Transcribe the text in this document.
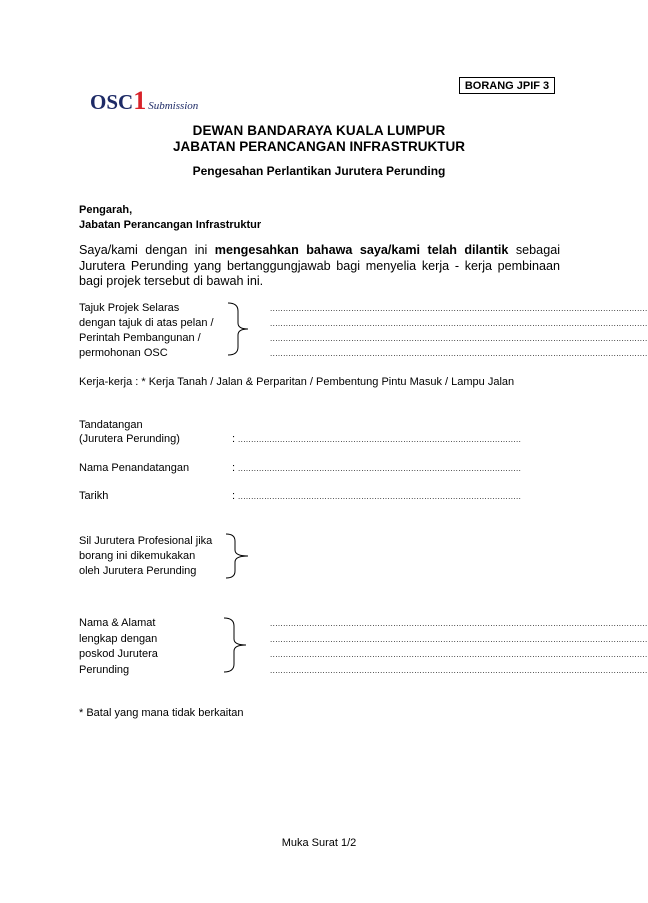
BORANG JPIF 3
OSC1 Submission
DEWAN BANDARAYA KUALA LUMPUR
JABATAN PERANCANGAN INFRASTRUKTUR
Pengesahan Perlantikan Jurutera Perunding
Pengarah,
Jabatan Perancangan Infrastruktur
Saya/kami dengan ini mengesahkan bahawa saya/kami telah dilantik sebagai Jurutera Perunding yang bertanggungjawab bagi menyelia kerja - kerja pembinaan bagi projek tersebut di bawah ini.
Tajuk Projek Selaras
dengan tajuk di atas pelan /
Perintah Pembangunan /
permohonan OSC
................................................................................................................................................
................................................................................................................................................
................................................................................................................................................
................................................................................................................................................
Kerja-kerja : * Kerja Tanah / Jalan & Perparitan / Pembentung Pintu Masuk / Lampu Jalan
Tandatangan
(Jurutera Perunding)	: ............................................................................................................
Nama Penandatangan	: ............................................................................................................
Tarikh	: ............................................................................................................
Sil Jurutera Profesional jika
borang ini dikemukakan
oleh Jurutera Perunding
Nama & Alamat
lengkap dengan
poskod Jurutera
Perunding
................................................................................................................................................
................................................................................................................................................
................................................................................................................................................
................................................................................................................................................
* Batal yang mana tidak berkaitan
Muka Surat 1/2
